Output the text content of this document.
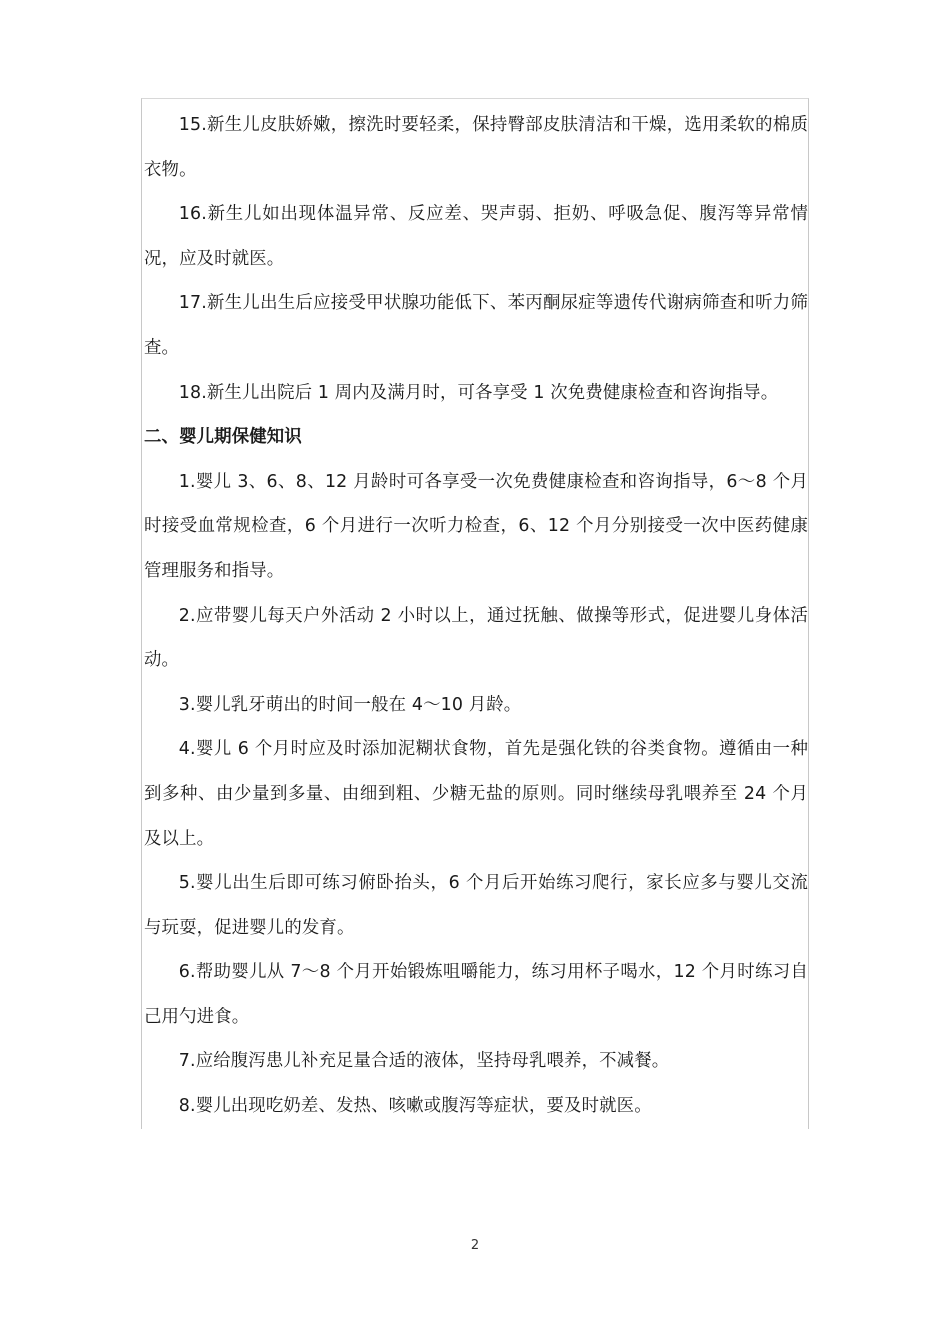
15.新生儿皮肤娇嫩，擦洗时要轻柔，保持臀部皮肤清洁和干燥，选用柔软的棉质衣物。

16.新生儿如出现体温异常、反应差、哭声弱、拒奶、呼吸急促、腹泻等异常情况，应及时就医。

17.新生儿出生后应接受甲状腺功能低下、苯丙酮尿症等遗传代谢病筛查和听力筛查。

18.新生儿出院后 1 周内及满月时，可各享受 1 次免费健康检查和咨询指导。

二、婴儿期保健知识

1.婴儿 3、6、8、12 月龄时可各享受一次免费健康检查和咨询指导，6～8 个月时接受血常规检查，6 个月进行一次听力检查，6、12 个月分别接受一次中医药健康管理服务和指导。

2.应带婴儿每天户外活动 2 小时以上，通过抚触、做操等形式，促进婴儿身体活动。

3.婴儿乳牙萌出的时间一般在 4～10 月龄。

4.婴儿 6 个月时应及时添加泥糊状食物，首先是强化铁的谷类食物。遵循由一种到多种、由少量到多量、由细到粗、少糖无盐的原则。同时继续母乳喂养至 24 个月及以上。

5.婴儿出生后即可练习俯卧抬头，6 个月后开始练习爬行，家长应多与婴儿交流与玩耍，促进婴儿的发育。

6.帮助婴儿从 7～8 个月开始锻炼咀嚼能力，练习用杯子喝水，12 个月时练习自己用勺进食。

7.应给腹泻患儿补充足量合适的液体，坚持母乳喂养，不减餐。

8.婴儿出现吃奶差、发热、咳嗽或腹泻等症状，要及时就医。

2
